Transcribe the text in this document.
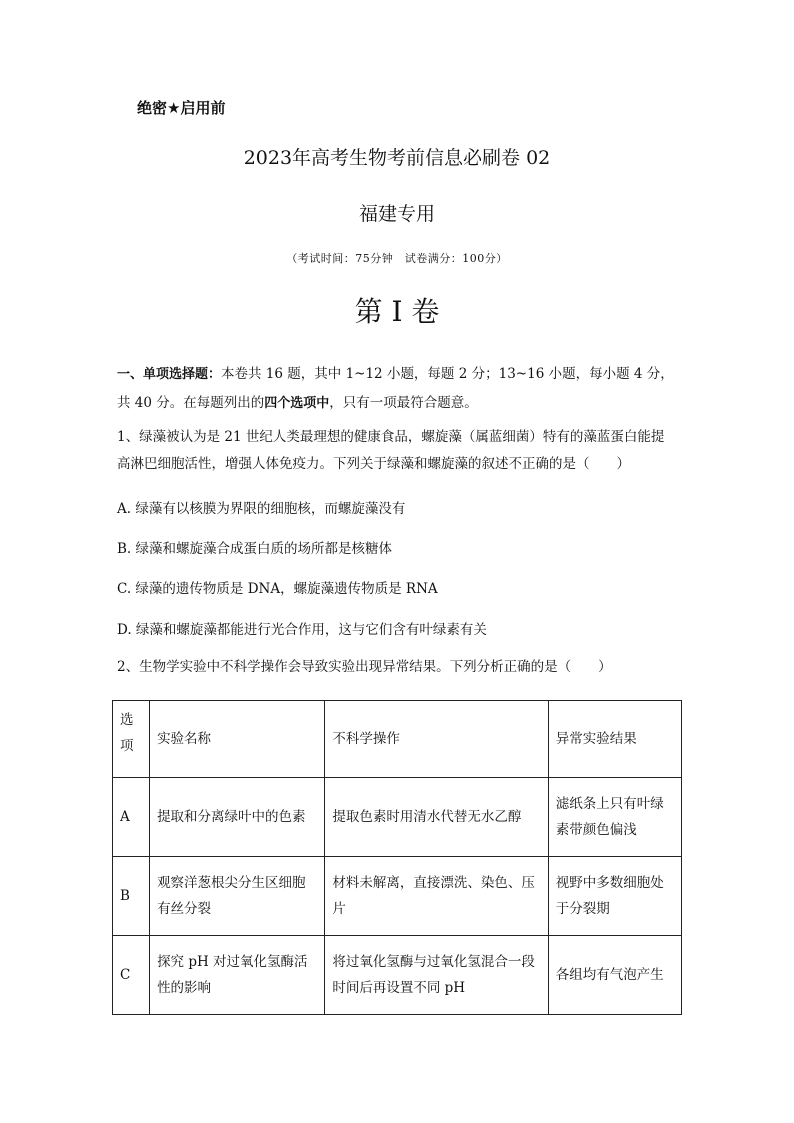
绝密★启用前
2023年高考生物考前信息必刷卷 02
福建专用
（考试时间：75分钟　试卷满分：100分）
第 I 卷
一、单项选择题：本卷共 16 题，其中 1~12 小题，每题 2 分；13~16 小题，每小题 4 分，共 40 分。在每题列出的四个选项中，只有一项最符合题意。
1、绿藻被认为是 21 世纪人类最理想的健康食品，螺旋藻（属蓝细菌）特有的藻蓝蛋白能提高淋巴细胞活性，增强人体免疫力。下列关于绿藻和螺旋藻的叙述不正确的是（　　）
A. 绿藻有以核膜为界限的细胞核，而螺旋藻没有
B. 绿藻和螺旋藻合成蛋白质的场所都是核糖体
C. 绿藻的遗传物质是 DNA，螺旋藻遗传物质是 RNA
D. 绿藻和螺旋藻都能进行光合作用，这与它们含有叶绿素有关
2、生物学实验中不科学操作会导致实验出现异常结果。下列分析正确的是（　　）
选项	实验名称	不科学操作	异常实验结果
A	提取和分离绿叶中的色素	提取色素时用清水代替无水乙醇	滤纸条上只有叶绿素带颜色偏浅
B	观察洋葱根尖分生区细胞有丝分裂	材料未解离，直接漂洗、染色、压片	视野中多数细胞处于分裂期
C	探究 pH 对过氧化氢酶活性的影响	将过氧化氢酶与过氧化氢混合一段时间后再设置不同 pH	各组均有气泡产生
